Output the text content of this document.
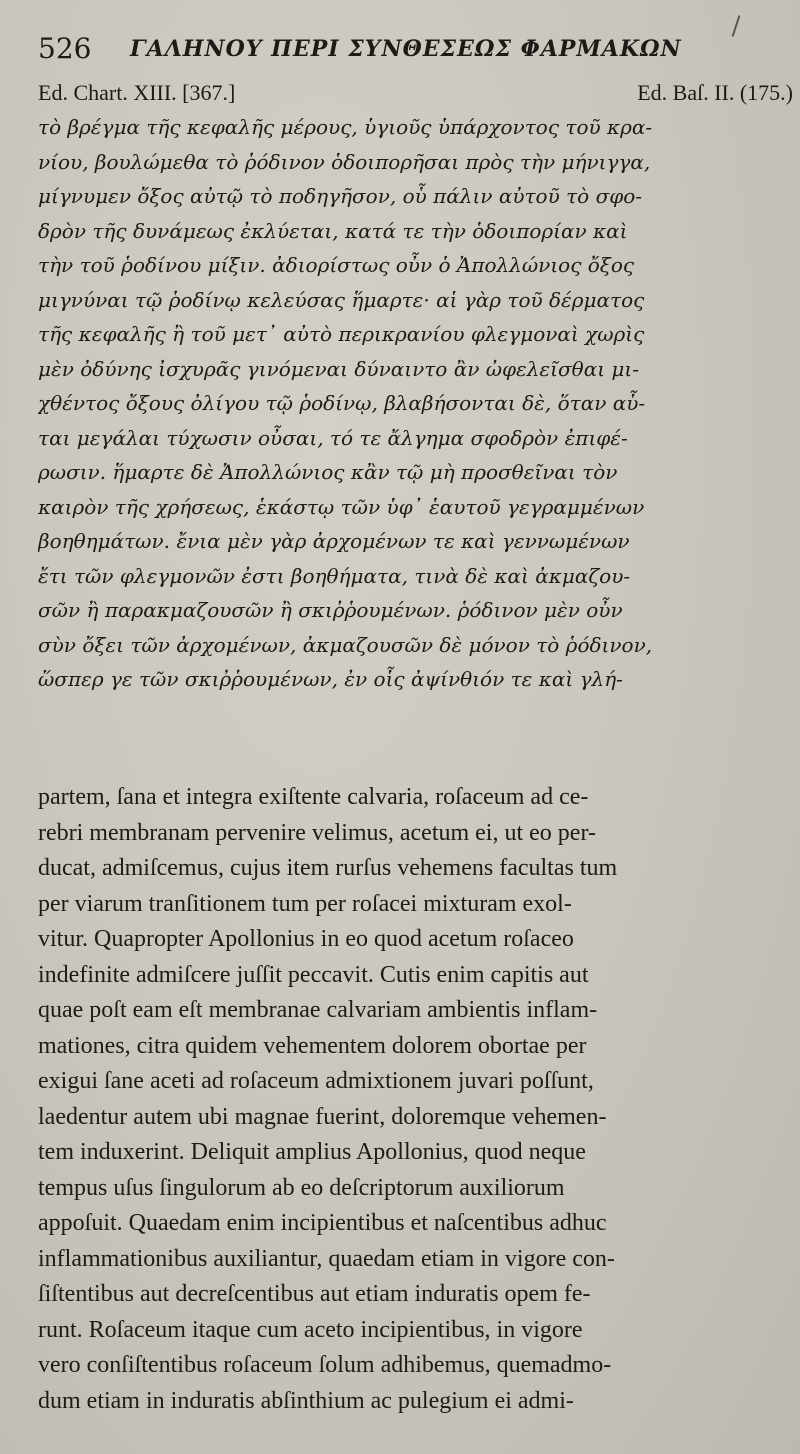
526 ΓΑΛΗΝΟΥ ΠΕΡΙ ΣΥΝΘΕΣΕΩΣ ΦΑΡΜΑΚΩΝ
Ed. Chart. XIII. [367.]	Ed. Baſ. II. (175.)
τὸ βρέγμα τῆς κεφαλῆς μέρους, ὑγιοῦς ὑπάρχοντος τοῦ κρα-
νίου, βουλώμεθα τὸ ῥόδινον ὁδοιπορῆσαι πρὸς τὴν μήνιγγα,
μίγνυμεν ὄξος αὐτῷ τὸ ποδηγῆσον, οὗ πάλιν αὐτοῦ τὸ σφο-
δρὸν τῆς δυνάμεως ἐκλύεται, κατά τε τὴν ὁδοιπορίαν καὶ
τὴν τοῦ ῥοδίνου μίξιν. ἀδιορίστως οὖν ὁ Ἀπολλώνιος ὄξος
μιγνύναι τῷ ῥοδίνῳ κελεύσας ἥμαρτε· αἱ γὰρ τοῦ δέρματος
τῆς κεφαλῆς ἢ τοῦ μετ᾽ αὐτὸ περικρανίου φλεγμοναὶ χωρὶς
μὲν ὀδύνης ἰσχυρᾶς γινόμεναι δύναιντο ἂν ὠφελεῖσθαι μι-
χθέντος ὄξους ὀλίγου τῷ ῥοδίνῳ, βλαβήσονται δὲ, ὅταν αὗ-
ται μεγάλαι τύχωσιν οὖσαι, τό τε ἄλγημα σφοδρὸν ἐπιφέ-
ρωσιν. ἥμαρτε δὲ Ἀπολλώνιος κἂν τῷ μὴ προσθεῖναι τὸν
καιρὸν τῆς χρήσεως, ἑκάστῳ τῶν ὑφ᾽ ἑαυτοῦ γεγραμμένων
βοηθημάτων. ἔνια μὲν γὰρ ἀρχομένων τε καὶ γεννωμένων
ἔτι τῶν φλεγμονῶν ἐστι βοηθήματα, τινὰ δὲ καὶ ἀκμαζου-
σῶν ἢ παρακμαζουσῶν ἢ σκιῤῥουμένων. ῥόδινον μὲν οὖν
σὺν ὄξει τῶν ἀρχομένων, ἀκμαζουσῶν δὲ μόνον τὸ ῥόδινον,
ὥσπερ γε τῶν σκιῤῥουμένων, ἐν οἷς ἀψίνθιόν τε καὶ γλή-
partem, ſana et integra exiſtente calvaria, roſaceum ad ce-
rebri membranam pervenire velimus, acetum ei, ut eo per-
ducat, admiſcemus, cujus item rurſus vehemens facultas tum
per viarum tranſitionem tum per roſacei mixturam exol-
vitur. Quapropter Apollonius in eo quod acetum roſaceo
indefinite admiſcere juſſit peccavit. Cutis enim capitis aut
quae poſt eam eſt membranae calvariam ambientis inflam-
mationes, citra quidem vehementem dolorem obortae per
exigui ſane aceti ad roſaceum admixtionem juvari poſſunt,
laedentur autem ubi magnae fuerint, doloremque vehemen-
tem induxerint. Deliquit amplius Apollonius, quod neque
tempus uſus ſingulorum ab eo deſcriptorum auxiliorum
appoſuit. Quaedam enim incipientibus et naſcentibus adhuc
inflammationibus auxiliantur, quaedam etiam in vigore con-
ſiſtentibus aut decreſcentibus aut etiam induratis opem fe-
runt. Roſaceum itaque cum aceto incipientibus, in vigore
vero conſiſtentibus roſaceum ſolum adhibemus, quemadmo-
dum etiam in induratis abſinthium ac pulegium ei admi-
